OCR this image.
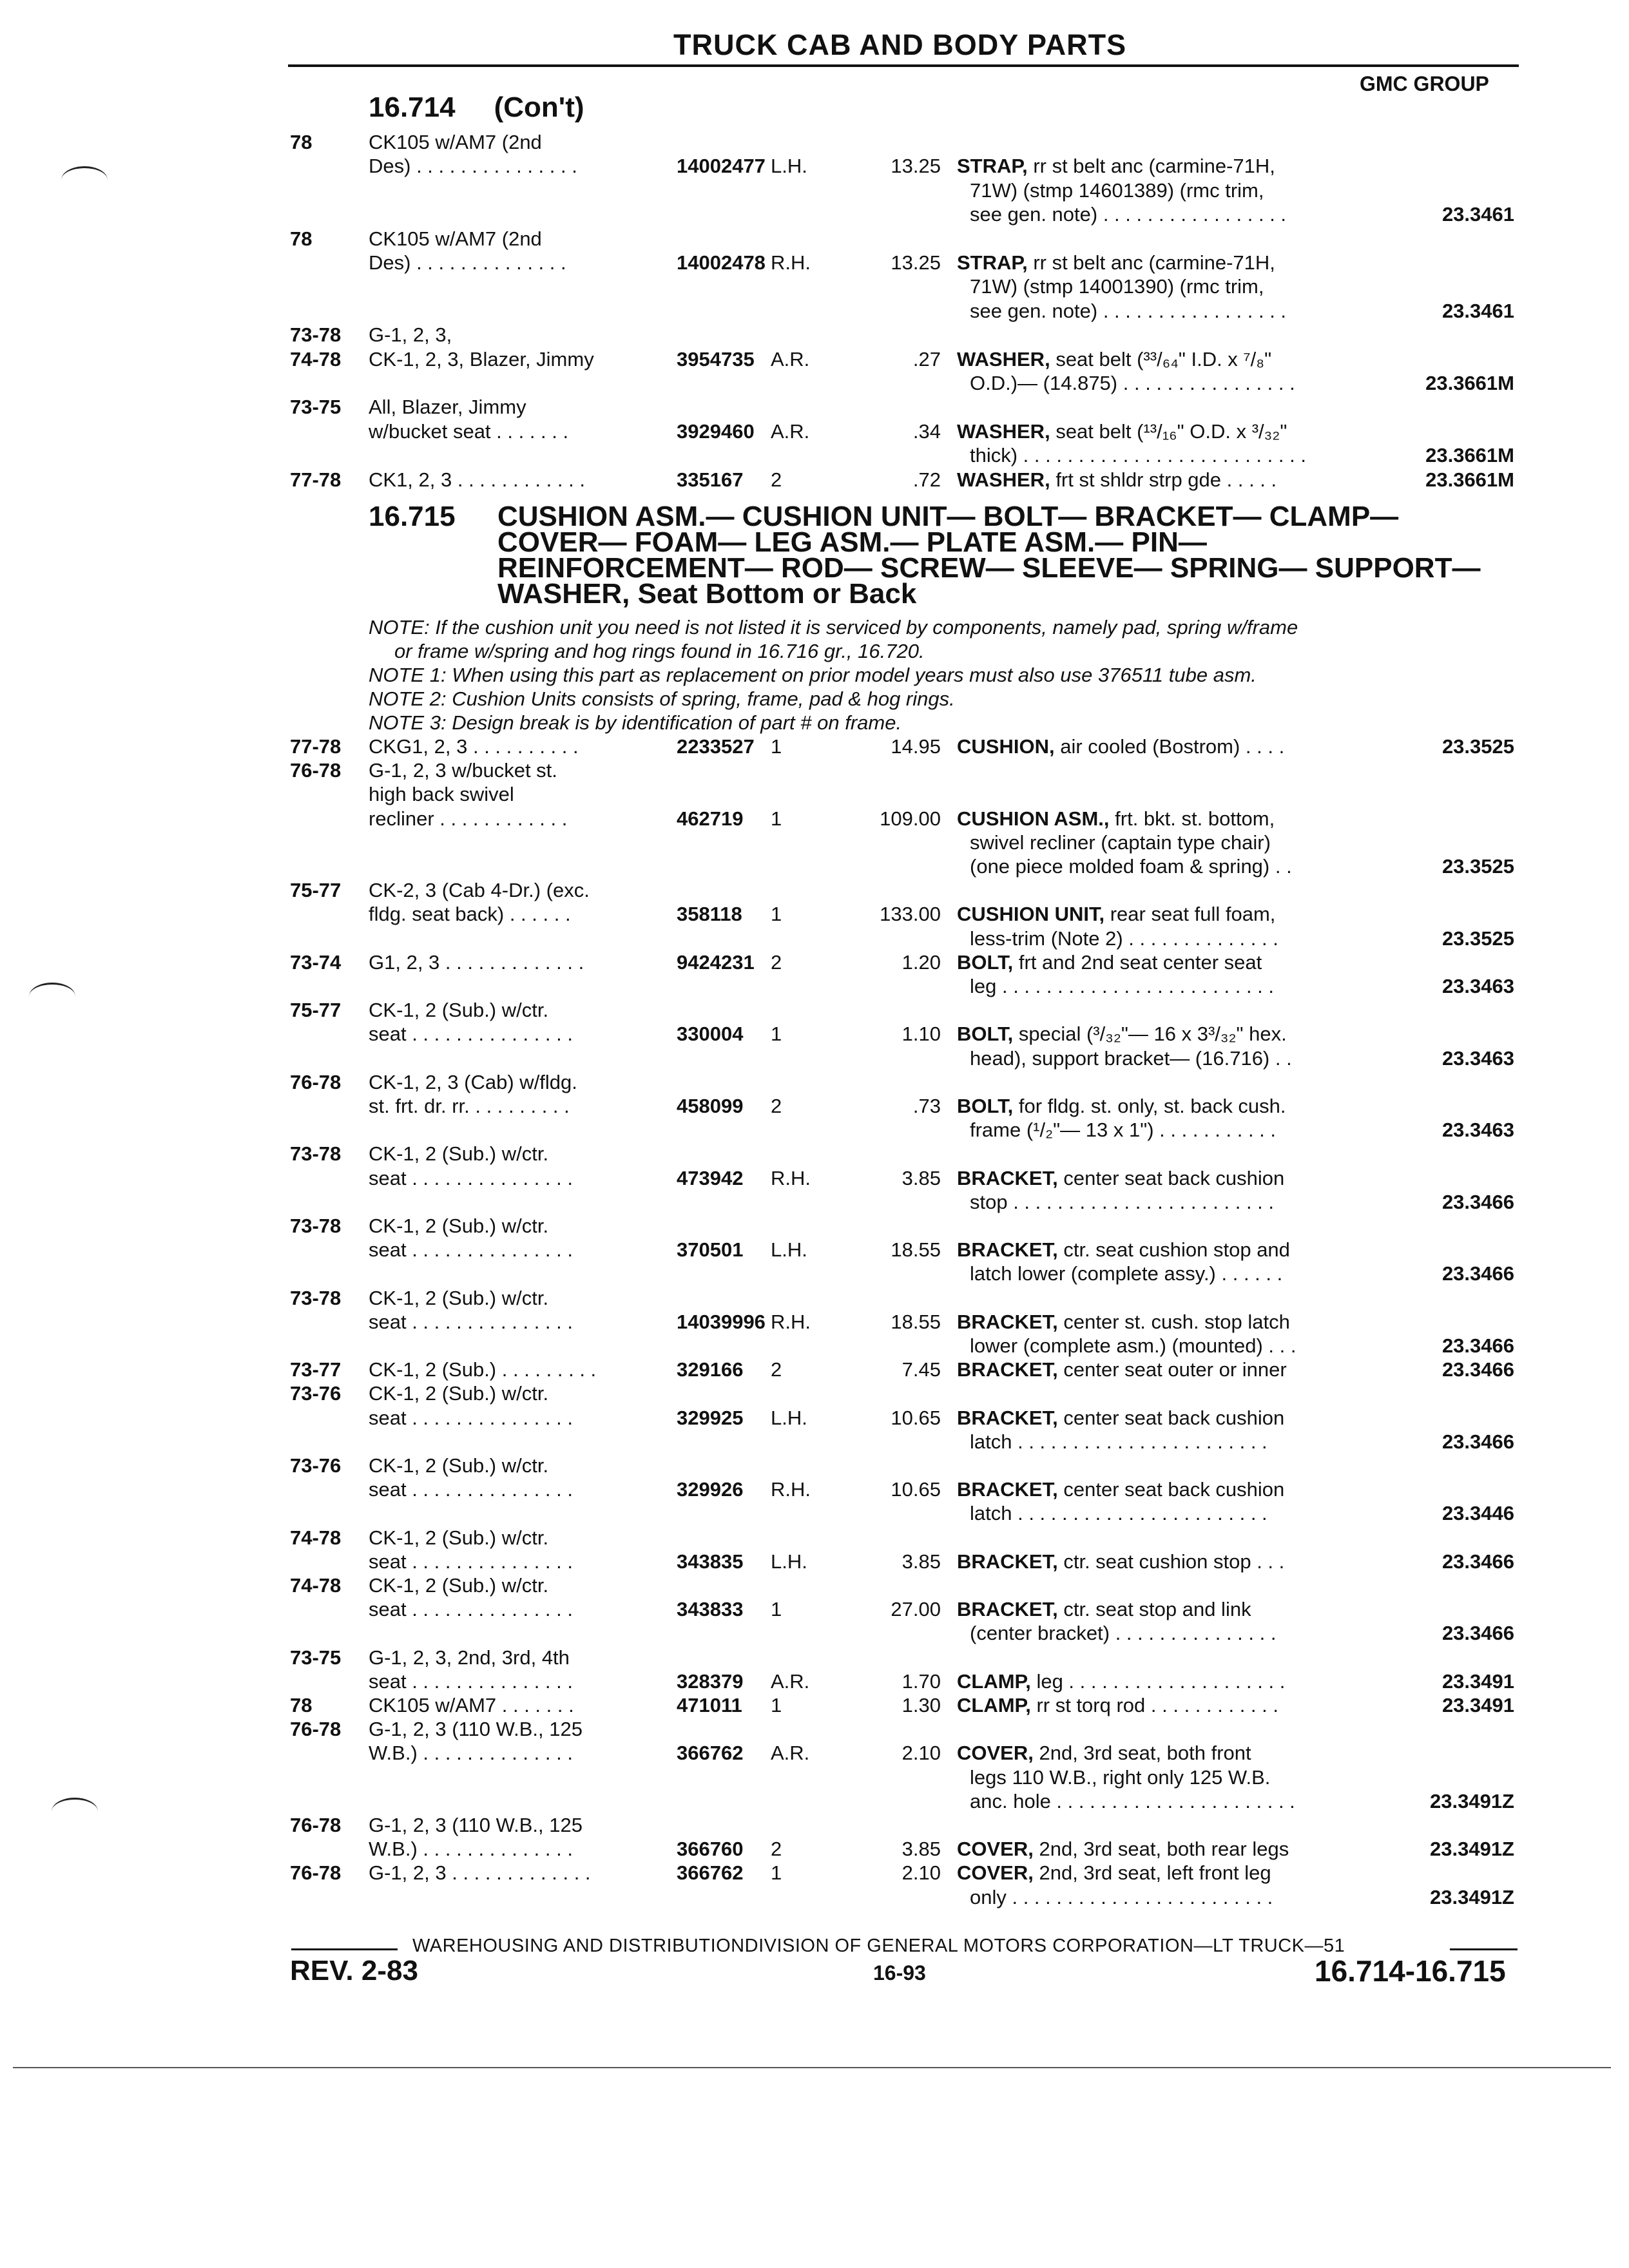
TRUCK CAB AND BODY PARTS
GMC GROUP
16.714 (Con't)
78	CK105 w/AM7 (2nd
Des) . . . . . . . . . . . . . . .	14002477 L.H.	13.25 STRAP, rr st belt anc (carmine-71H,
71W) (stmp 14601389) (rmc trim,
see gen. note) . . . . . . . . . . . . . . . . .	23.3461
78	CK105 w/AM7 (2nd
Des) . . . . . . . . . . . . . .	14002478 R.H.	13.25 STRAP, rr st belt anc (carmine-71H,
71W) (stmp 14001390) (rmc trim,
see gen. note) . . . . . . . . . . . . . . . . .	23.3461
73-78 G-1, 2, 3,
74-78 CK-1, 2, 3, Blazer, Jimmy	3954735 A.R.	.27 WASHER, seat belt (³³/₆₄" I.D. x ⁷/₈"
O.D.)— (14.875) . . . . . . . . . . . . . . . .	23.3661M
73-75 All, Blazer, Jimmy
w/bucket seat . . . . . . .	3929460 A.R.	.34 WASHER, seat belt (¹³/₁₆" O.D. x ³/₃₂"
thick) . . . . . . . . . . . . . . . . . . . . . . . . . .	23.3661M
77-78 CK1, 2, 3 . . . . . . . . . . . .	335167 2	.72 WASHER, frt st shldr strp gde . . . . .	23.3661M
16.715 CUSHION ASM.— CUSHION UNIT— BOLT— BRACKET— CLAMP—
COVER— FOAM— LEG ASM.— PLATE ASM.— PIN—
REINFORCEMENT— ROD— SCREW— SLEEVE— SPRING— SUPPORT—
WASHER, Seat Bottom or Back
NOTE: If the cushion unit you need is not listed it is serviced by components, namely pad, spring w/frame
or frame w/spring and hog rings found in 16.716 gr., 16.720.
NOTE 1: When using this part as replacement on prior model years must also use 376511 tube asm.
NOTE 2: Cushion Units consists of spring, frame, pad & hog rings.
NOTE 3: Design break is by identification of part # on frame.
77-78 CKG1, 2, 3 . . . . . . . . . .	2233527 1	14.95 CUSHION, air cooled (Bostrom) . . . .	23.3525
76-78 G-1, 2, 3 w/bucket st.
high back swivel
recliner . . . . . . . . . . . .	462719 1	109.00 CUSHION ASM., frt. bkt. st. bottom,
swivel recliner (captain type chair)
(one piece molded foam & spring) . .	23.3525
75-77 CK-2, 3 (Cab 4-Dr.) (exc.
fldg. seat back) . . . . . .	358118 1	133.00 CUSHION UNIT, rear seat full foam,
less-trim (Note 2) . . . . . . . . . . . . . .	23.3525
73-74 G1, 2, 3 . . . . . . . . . . . . .	9424231 2	1.20 BOLT, frt and 2nd seat center seat
leg . . . . . . . . . . . . . . . . . . . . . . . . .	23.3463
75-77 CK-1, 2 (Sub.) w/ctr.
seat . . . . . . . . . . . . . . .	330004 1	1.10 BOLT, special (³/₃₂"— 16 x 3³/₃₂" hex.
head), support bracket— (16.716) . .	23.3463
76-78 CK-1, 2, 3 (Cab) w/fldg.
st. frt. dr. rr. . . . . . . . . .	458099 2	.73 BOLT, for fldg. st. only, st. back cush.
frame (¹/₂"— 13 x 1") . . . . . . . . . . .	23.3463
73-78 CK-1, 2 (Sub.) w/ctr.
seat . . . . . . . . . . . . . . .	473942 R.H.	3.85 BRACKET, center seat back cushion
stop . . . . . . . . . . . . . . . . . . . . . . . .	23.3466
73-78 CK-1, 2 (Sub.) w/ctr.
seat . . . . . . . . . . . . . . .	370501 L.H.	18.55 BRACKET, ctr. seat cushion stop and
latch lower (complete assy.) . . . . . .	23.3466
73-78 CK-1, 2 (Sub.) w/ctr.
seat . . . . . . . . . . . . . . .	14039996 R.H.	18.55 BRACKET, center st. cush. stop latch
lower (complete asm.) (mounted) . . .	23.3466
73-77 CK-1, 2 (Sub.) . . . . . . . . .	329166 2	7.45 BRACKET, center seat outer or inner	23.3466
73-76 CK-1, 2 (Sub.) w/ctr.
seat . . . . . . . . . . . . . . .	329925 L.H.	10.65 BRACKET, center seat back cushion
latch . . . . . . . . . . . . . . . . . . . . . . .	23.3466
73-76 CK-1, 2 (Sub.) w/ctr.
seat . . . . . . . . . . . . . . .	329926 R.H.	10.65 BRACKET, center seat back cushion
latch . . . . . . . . . . . . . . . . . . . . . . .	23.3446
74-78 CK-1, 2 (Sub.) w/ctr.
seat . . . . . . . . . . . . . . .	343835 L.H.	3.85 BRACKET, ctr. seat cushion stop . . .	23.3466
74-78 CK-1, 2 (Sub.) w/ctr.
seat . . . . . . . . . . . . . . .	343833 1	27.00 BRACKET, ctr. seat stop and link
(center bracket) . . . . . . . . . . . . . . .	23.3466
73-75 G-1, 2, 3, 2nd, 3rd, 4th
seat . . . . . . . . . . . . . . .	328379 A.R.	1.70 CLAMP, leg . . . . . . . . . . . . . . . . . . . .	23.3491
78	CK105 w/AM7 . . . . . . .	471011 1	1.30 CLAMP, rr st torq rod . . . . . . . . . . . .	23.3491
76-78 G-1, 2, 3 (110 W.B., 125
W.B.) . . . . . . . . . . . . . .	366762 A.R.	2.10 COVER, 2nd, 3rd seat, both front
legs 110 W.B., right only 125 W.B.
anc. hole . . . . . . . . . . . . . . . . . . . . . .	23.3491Z
76-78 G-1, 2, 3 (110 W.B., 125
W.B.) . . . . . . . . . . . . . .	366760 2	3.85 COVER, 2nd, 3rd seat, both rear legs	23.3491Z
76-78 G-1, 2, 3 . . . . . . . . . . . . .	366762 1	2.10 COVER, 2nd, 3rd seat, left front leg
only . . . . . . . . . . . . . . . . . . . . . . . .	23.3491Z
WAREHOUSING AND DISTRIBUTIONDIVISION OF GENERAL MOTORS CORPORATION—LT TRUCK—51
REV. 2-83	16-93	16.714-16.715
